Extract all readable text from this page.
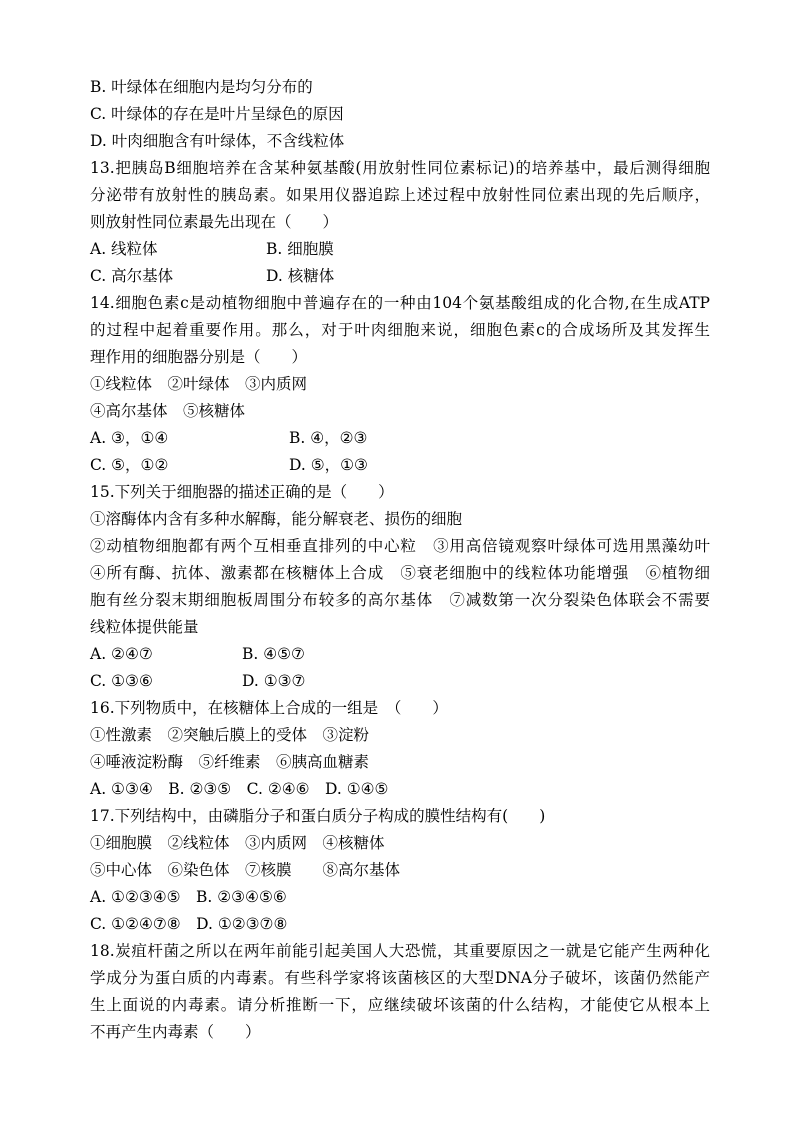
B. 叶绿体在细胞内是均匀分布的
C. 叶绿体的存在是叶片呈绿色的原因
D. 叶肉细胞含有叶绿体，不含线粒体
13.把胰岛B细胞培养在含某种氨基酸(用放射性同位素标记)的培养基中，最后测得细胞
分泌带有放射性的胰岛素。如果用仪器追踪上述过程中放射性同位素出现的先后顺序，
则放射性同位素最先出现在（　　）
A. 线粒体	B. 细胞膜
C. 高尔基体	D. 核糖体
14.细胞色素c是动植物细胞中普遍存在的一种由104个氨基酸组成的化合物,在生成ATP
的过程中起着重要作用。那么，对于叶肉细胞来说，细胞色素c的合成场所及其发挥生
理作用的细胞器分别是（　　）
①线粒体　②叶绿体　③内质网
④高尔基体　⑤核糖体
A. ③，①④	B. ④，②③
C. ⑤，①②	D. ⑤，①③
15.下列关于细胞器的描述正确的是（　　）
①溶酶体内含有多种水解酶，能分解衰老、损伤的细胞
②动植物细胞都有两个互相垂直排列的中心粒　③用高倍镜观察叶绿体可选用黑藻幼叶
④所有酶、抗体、激素都在核糖体上合成　⑤衰老细胞中的线粒体功能增强　⑥植物细
胞有丝分裂末期细胞板周围分布较多的高尔基体　⑦减数第一次分裂染色体联会不需要
线粒体提供能量
A. ②④⑦	B. ④⑤⑦
C. ①③⑥	D. ①③⑦
16.下列物质中，在核糖体上合成的一组是　（　　）
①性激素　②突触后膜上的受体　③淀粉
④唾液淀粉酶　⑤纤维素　⑥胰高血糖素
A. ①③④　B. ②③⑤　C. ②④⑥　D. ①④⑤
17.下列结构中，由磷脂分子和蛋白质分子构成的膜性结构有(　　)
①细胞膜　②线粒体　③内质网　④核糖体
⑤中心体　⑥染色体　⑦核膜　　⑧高尔基体
A. ①②③④⑤　B. ②③④⑤⑥
C. ①②④⑦⑧　D. ①②③⑦⑧
18.炭疽杆菌之所以在两年前能引起美国人大恐慌，其重要原因之一就是它能产生两种化
学成分为蛋白质的内毒素。有些科学家将该菌核区的大型DNA分子破坏，该菌仍然能产
生上面说的内毒素。请分析推断一下，应继续破坏该菌的什么结构，才能使它从根本上
不再产生内毒素（　　）
